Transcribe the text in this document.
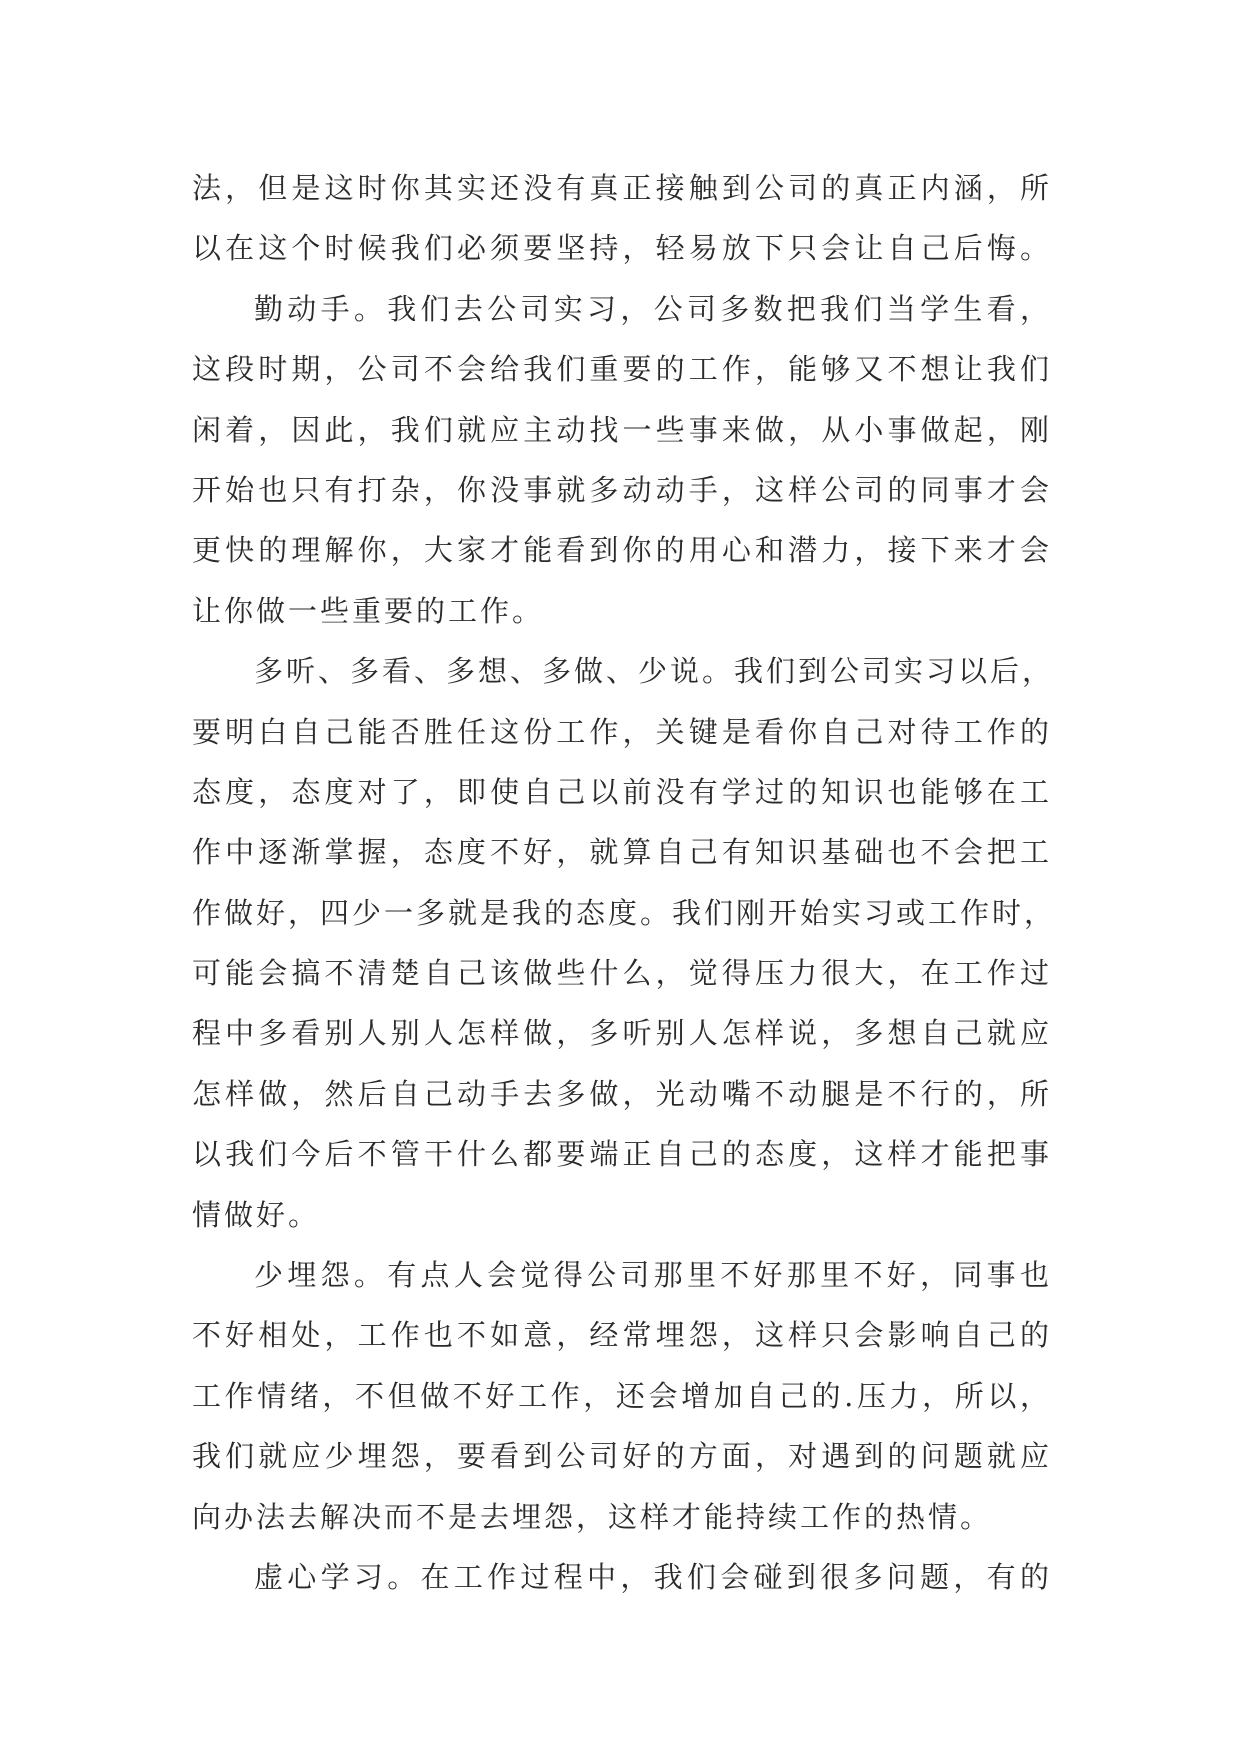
法，但是这时你其实还没有真正接触到公司的真正内涵，所
以在这个时候我们必须要坚持，轻易放下只会让自己后悔。
勤动手。我们去公司实习，公司多数把我们当学生看，
这段时期，公司不会给我们重要的工作，能够又不想让我们
闲着，因此，我们就应主动找一些事来做，从小事做起，刚
开始也只有打杂，你没事就多动动手，这样公司的同事才会
更快的理解你，大家才能看到你的用心和潜力，接下来才会
让你做一些重要的工作。
多听、多看、多想、多做、少说。我们到公司实习以后，
要明白自己能否胜任这份工作，关键是看你自己对待工作的
态度，态度对了，即使自己以前没有学过的知识也能够在工
作中逐渐掌握，态度不好，就算自己有知识基础也不会把工
作做好，四少一多就是我的态度。我们刚开始实习或工作时，
可能会搞不清楚自己该做些什么，觉得压力很大，在工作过
程中多看别人别人怎样做，多听别人怎样说，多想自己就应
怎样做，然后自己动手去多做，光动嘴不动腿是不行的，所
以我们今后不管干什么都要端正自己的态度，这样才能把事
情做好。
少埋怨。有点人会觉得公司那里不好那里不好，同事也
不好相处，工作也不如意，经常埋怨，这样只会影响自己的
工作情绪，不但做不好工作，还会增加自己的.压力，所以，
我们就应少埋怨，要看到公司好的方面，对遇到的问题就应
向办法去解决而不是去埋怨，这样才能持续工作的热情。
虚心学习。在工作过程中，我们会碰到很多问题，有的
